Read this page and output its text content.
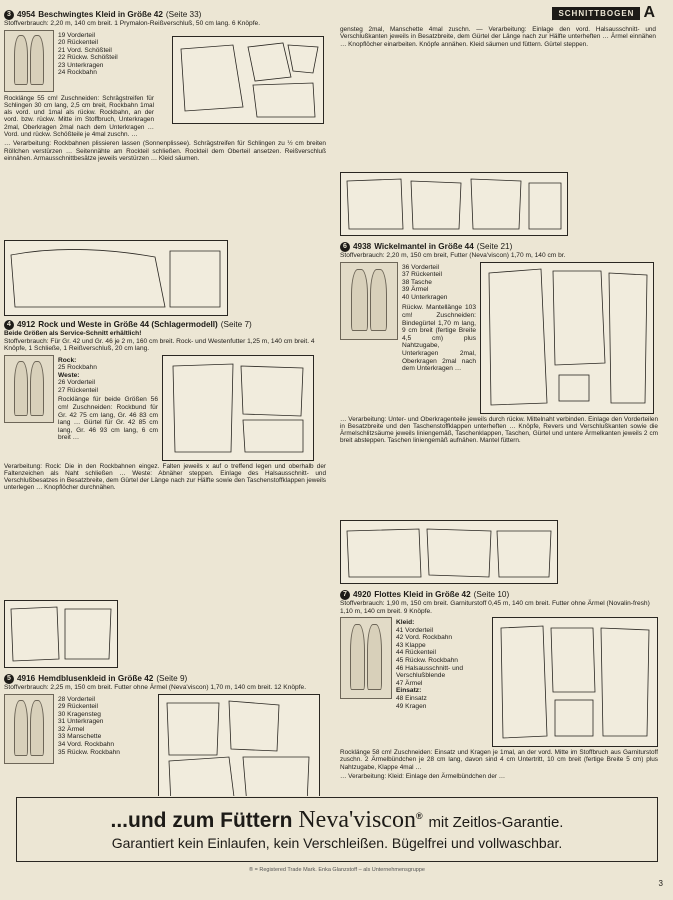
SCHNITTBOGEN A
3 4954 Beschwingtes Kleid in Größe 42 (Seite 33)
Stoffverbrauch: 2,20 m, 140 cm breit. 1 Prymalon-Reißverschluß, 50 cm lang. 6 Knöpfe.
19 Vorderteil
20 Rückenteil
21 Vord. Schößteil
22 Rückw. Schößteil
23 Unterkragen
24 Rockbahn

Rocklänge 55 cm! Zuschneiden: Schrägstreifen für Schlingen 30 cm lang, 2,5 cm breit, Rockbahn 1mal als vord. und 1mal als rückw. Rockbahn, an der vord. bzw. rückw. Mitte im Stoffbruch, Unterkragen 2mal, Oberkragen 2mal nach dem Unterkragen … Vord. und rückw. Schößteile je 4mal zuschn. …

… Verarbeitung: Rockbahnen plissieren lassen (Sonnenplissee). Schrägstreifen für Schlingen zu ½ cm breiten Röllchen verstürzen … Seitennähte am Rockteil schließen. Rockteil dem Oberteil ansetzen. Reißverschluß einnähen. Armausschnittbesätze jeweils verstürzen … Kleid säumen.

4 4912 Rock und Weste in Größe 44 (Schlagermodell) (Seite 7)
Beide Größen als Service-Schnitt erhältlich!
Stoffverbrauch: Für Gr. 42 und Gr. 46 je 2 m, 160 cm breit. Rock- und Westenfutter 1,25 m, 140 cm breit. 4 Knöpfe, 1 Schließe, 1 Reißverschluß, 20 cm lang.
Rock:
25 Rockbahn
Weste:
26 Vorderteil
27 Rückenteil

Rocklänge für beide Größen 56 cm! Zuschneiden: Rockbund für Gr. 42 75 cm lang, Gr. 46 83 cm lang … Gürtel für Gr. 42 85 cm lang, Gr. 46 93 cm lang, 6 cm breit …

Verarbeitung: Rock: Die in den Rockbahnen eingez. Falten jeweils x auf o treffend legen und oberhalb der Faltenzeichen als Naht schließen … Weste: Abnäher steppen. Einlage des Halsausschnitt- und Verschlußbesatzes in Besatzbreite, dem Gürtel der Länge nach zur Hälfte sowie den Taschenstoffklappen jeweils unterlegen … Knopflöcher durchnähen.

5 4916 Hemdblusenkleid in Größe 42 (Seite 9)
Stoffverbrauch: 2,25 m, 150 cm breit. Futter ohne Ärmel (Neva'viscon) 1,70 m, 140 cm breit. 12 Knöpfe.
28 Vorderteil
29 Rückenteil
30 Kragensteg
31 Unterkragen
32 Ärmel
33 Manschette
34 Vord. Rockbahn
35 Rückw. Rockbahn

gensteg 2mal, Manschette 4mal zuschn. — Verarbeitung: Einlage den vord. Halsausschnitt- und Verschlußkanten jeweils in Besatzbreite, dem Gürtel der Länge nach zur Hälfte unterheften … Ärmel einnähen … Knopflöcher einarbeiten. Knöpfe annähen. Kleid säumen und füttern. Gürtel steppen.

6 4938 Wickelmantel in Größe 44 (Seite 21)
Stoffverbrauch: 2,20 m, 150 cm breit, Futter (Neva'viscon) 1,70 m, 140 cm br.
36 Vorderteil
37 Rückenteil
38 Tasche
39 Ärmel
40 Unterkragen

Rückw. Mantellänge 103 cm! Zuschneiden: Bindegürtel 1,70 m lang, 9 cm breit (fertige Breite 4,5 cm) plus Nahtzugabe, Unterkragen 2mal, Oberkragen 2mal nach dem Unterkragen …

… Verarbeitung: Unter- und Oberkragenteile jeweils durch rückw. Mittelnaht verbinden. Einlage den Vorderteilen in Besatzbreite und den Taschenstoffklappen unterheften … Knöpfe, Revers und Verschlußkanten sowie die Ärmelschlitzsäume jeweils liniengemäß, Taschenklappen, Taschen, Gürtel und untere Ärmelkanten jeweils 2 cm breit absteppen. Taschen liniengemäß aufnähen. Mantel füttern.

7 4920 Flottes Kleid in Größe 42 (Seite 10)
Stoffverbrauch: 1,90 m, 150 cm breit. Garniturstoff 0,45 m, 140 cm breit. Futter ohne Ärmel (Novalin-fresh) 1,10 m, 140 cm breit. 9 Knöpfe.
Kleid:
41 Vorderteil
42 Vord. Rockbahn
43 Klappe
44 Rückenteil
45 Rückw. Rockbahn
46 Halsausschnitt- und Verschlußblende
47 Ärmel
Einsatz:
48 Einsatz
49 Kragen

Rocklänge 58 cm! Zuschneiden: Einsatz und Kragen je 1mal, an der vord. Mitte im Stoffbruch aus Garniturstoff zuschn. 2 Ärmelbündchen je 28 cm lang, davon sind 4 cm Untertritt, 10 cm breit (fertige Breite 5 cm) plus Nahtzugabe, Klappe 4mal …

… Verarbeitung: Kleid: Einlage den Ärmelbündchen der …

...und zum Füttern Neva'viscon® mit Zeitlos-Garantie.
Garantiert kein Einlaufen, kein Verschleißen. Bügelfrei und vollwaschbar.
® = Registered Trade Mark. Enka Glanzstoff – als Unternehmensgruppe
3
